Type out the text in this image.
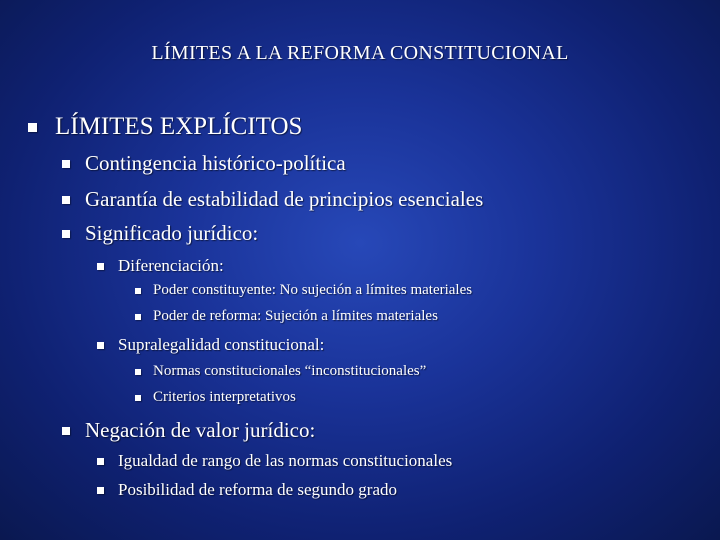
LÍMITES A LA REFORMA CONSTITUCIONAL
LÍMITES EXPLÍCITOS
Contingencia histórico-política
Garantía de estabilidad de principios esenciales
Significado jurídico:
Diferenciación:
Poder constituyente: No sujeción a límites materiales
Poder de reforma: Sujeción a límites materiales
Supralegalidad constitucional:
Normas constitucionales “inconstitucionales”
Criterios interpretativos
Negación de valor jurídico:
Igualdad de rango de las normas constitucionales
Posibilidad de reforma de segundo grado
